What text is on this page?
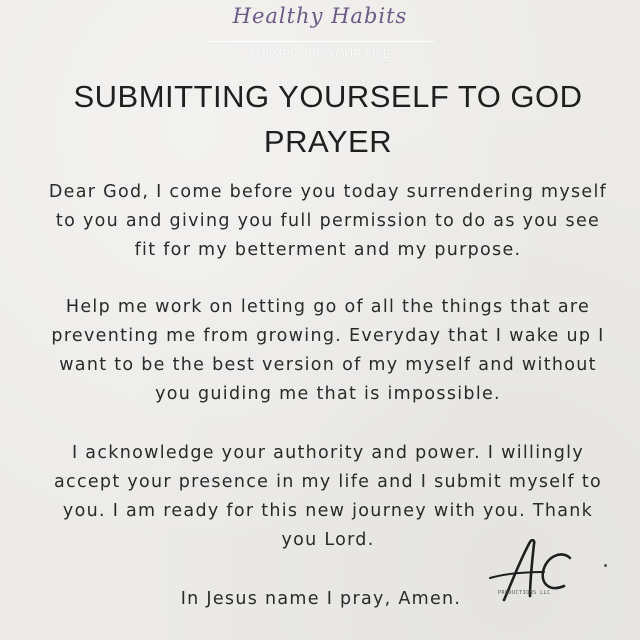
Healthy Habits
TO IMPROVE YOUR LIFE
SUBMITTING YOURSELF TO GOD
PRAYER
Dear God, I come before you today surrendering myself
to you and giving you full permission to do as you see
fit for my betterment and my purpose.
Help me work on letting go of all the things that are
preventing me from growing. Everyday that I wake up I
want to be the best version of my myself and without
you guiding me that is impossible.
I acknowledge your authority and power. I willingly
accept your presence in my life and I submit myself to
you. I am ready for this new journey with you. Thank
you Lord.
In Jesus name I pray, Amen.	PRODUCTIONS LLC
